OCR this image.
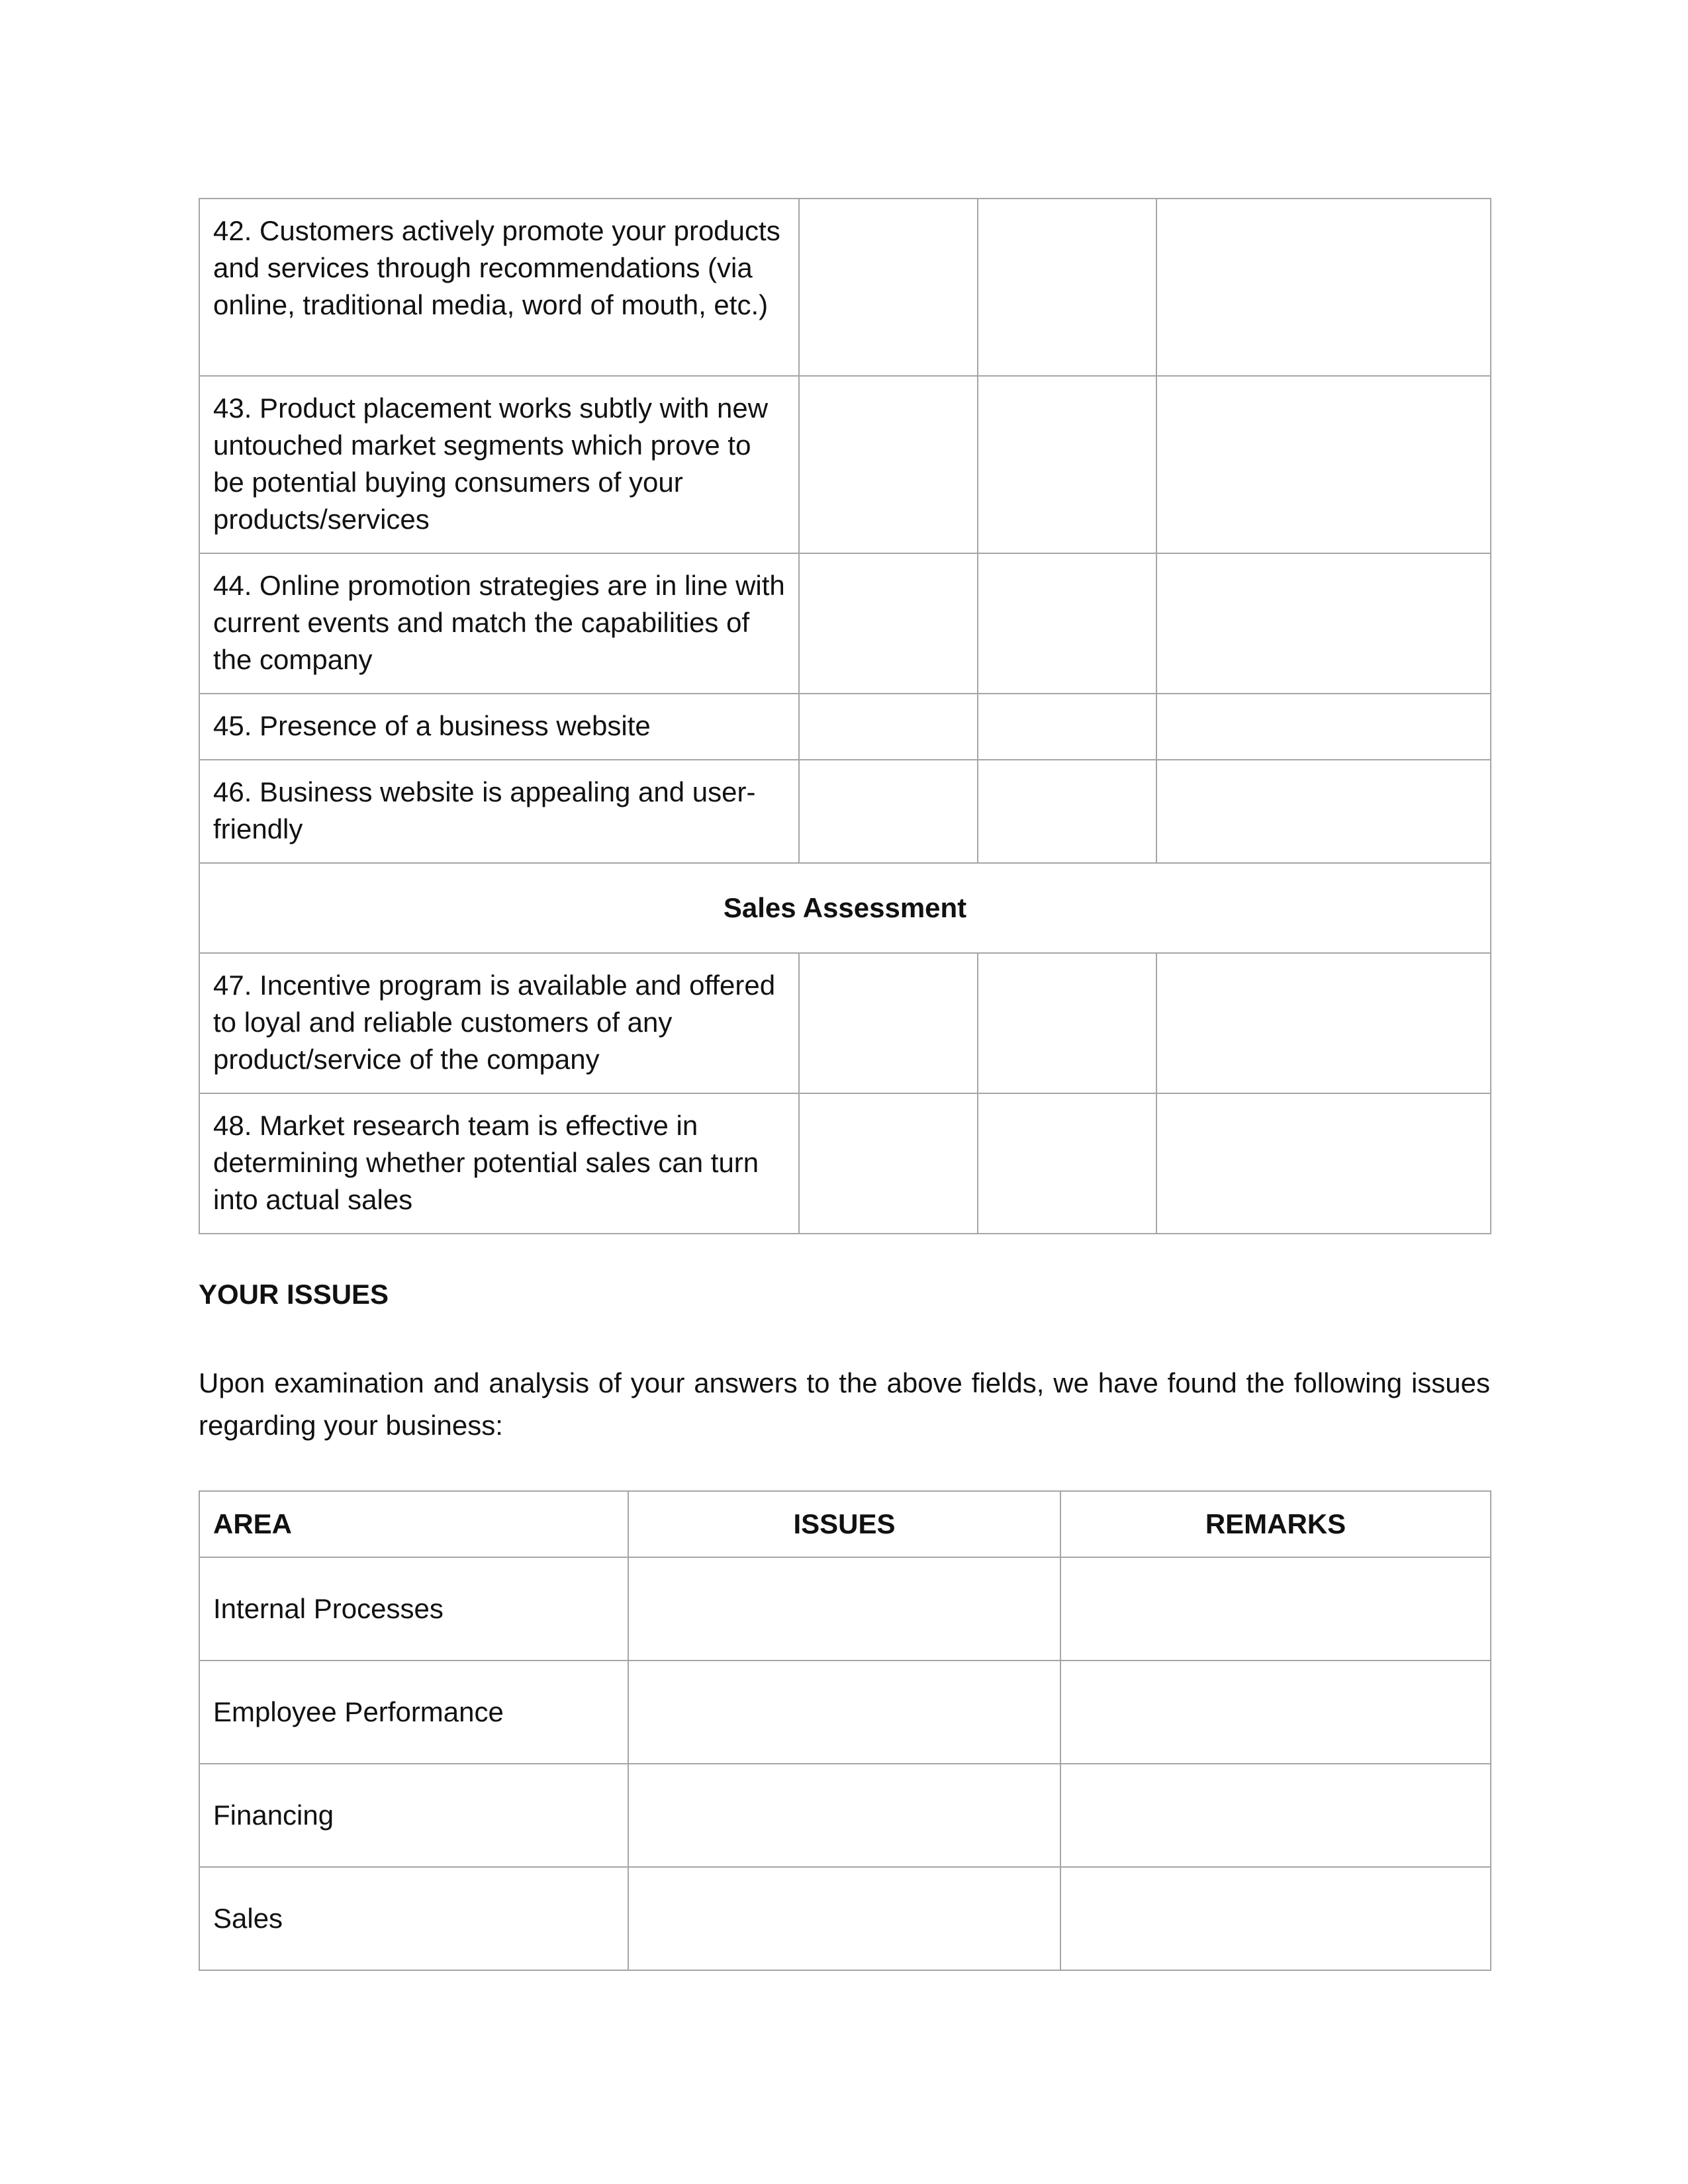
42. Customers actively promote your products and services through recommendations (via online, traditional media, word of mouth, etc.)			
43. Product placement works subtly with new untouched market segments which prove to be potential buying consumers of your products/services			
44. Online promotion strategies are in line with current events and match the capabilities of the company			
45. Presence of a business website			
46. Business website is appealing and user-friendly			
Sales Assessment			
47. Incentive program is available and offered to loyal and reliable customers of any product/service of the company			
48. Market research team is effective in determining whether potential sales can turn into actual sales			

YOUR ISSUES

Upon examination and analysis of your answers to the above fields, we have found the following issues regarding your business:

AREA	ISSUES	REMARKS
Internal Processes		
Employee Performance		
Financing		
Sales		
